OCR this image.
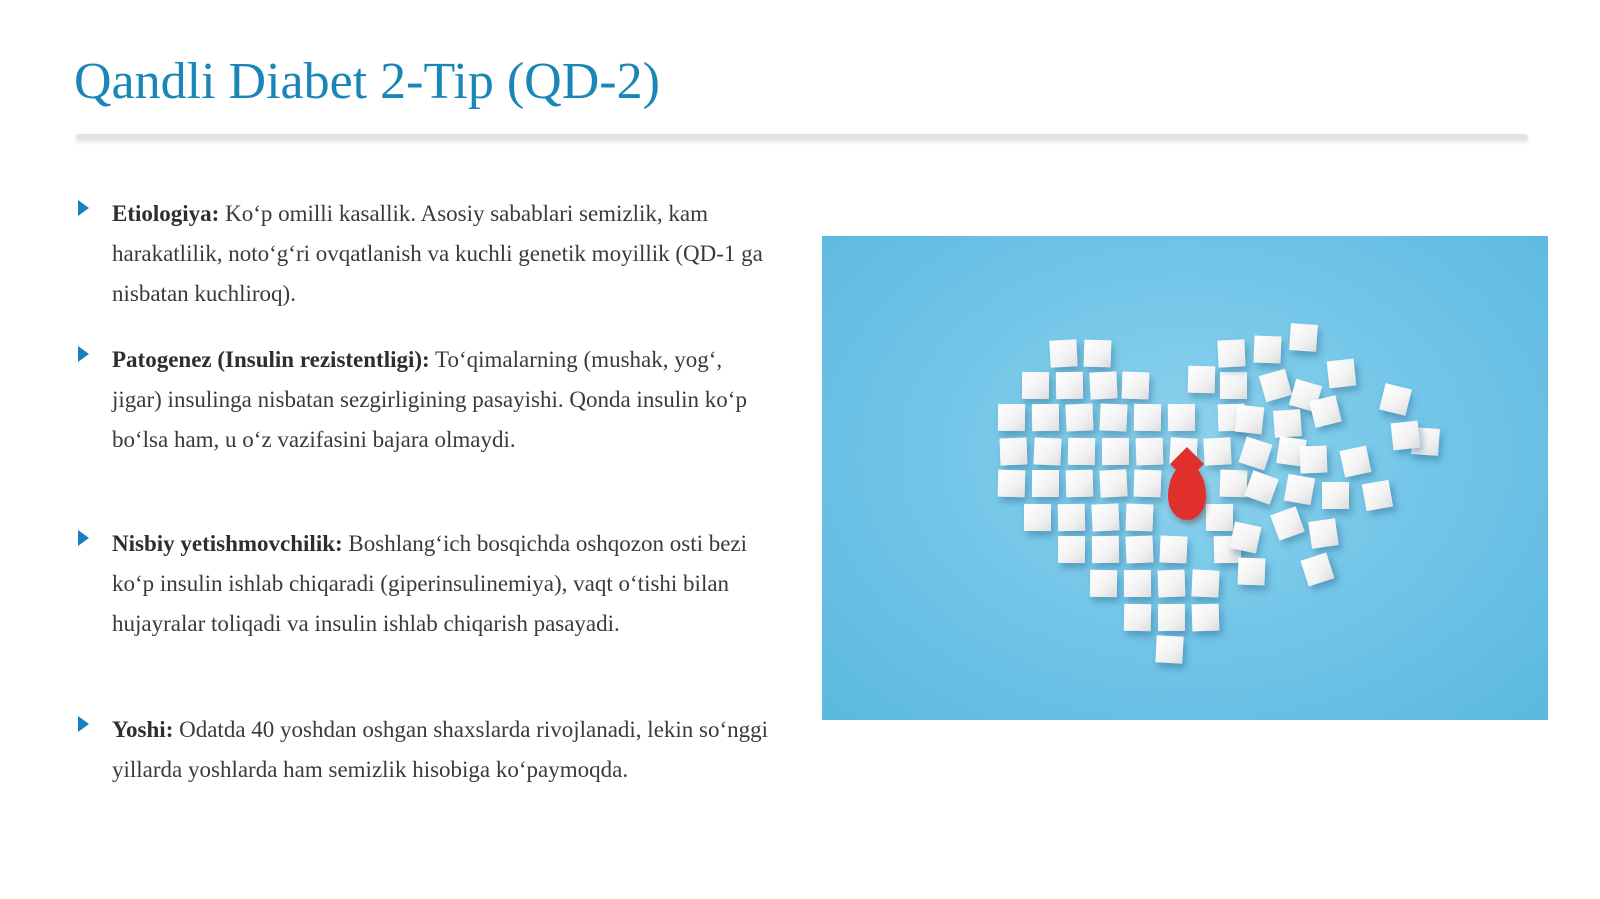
Qandli Diabet 2-Tip (QD-2)
Etiologiya: Ko‘p omilli kasallik. Asosiy sabablari semizlik, kam harakatlilik, noto‘g‘ri ovqatlanish va kuchli genetik moyillik (QD-1 ga nisbatan kuchliroq).
Patogenez (Insulin rezistentligi): To‘qimalarning (mushak, yog‘, jigar) insulinga nisbatan sezgirligining pasayishi. Qonda insulin ko‘p bo‘lsa ham, u o‘z vazifasini bajara olmaydi.
Nisbiy yetishmovchilik: Boshlang‘ich bosqichda oshqozon osti bezi ko‘p insulin ishlab chiqaradi (giperinsulinemiya), vaqt o‘tishi bilan hujayralar toliqadi va insulin ishlab chiqarish pasayadi.
Yoshi: Odatda 40 yoshdan oshgan shaxslarda rivojlanadi, lekin so‘nggi yillarda yoshlarda ham semizlik hisobiga ko‘paymoqda.
